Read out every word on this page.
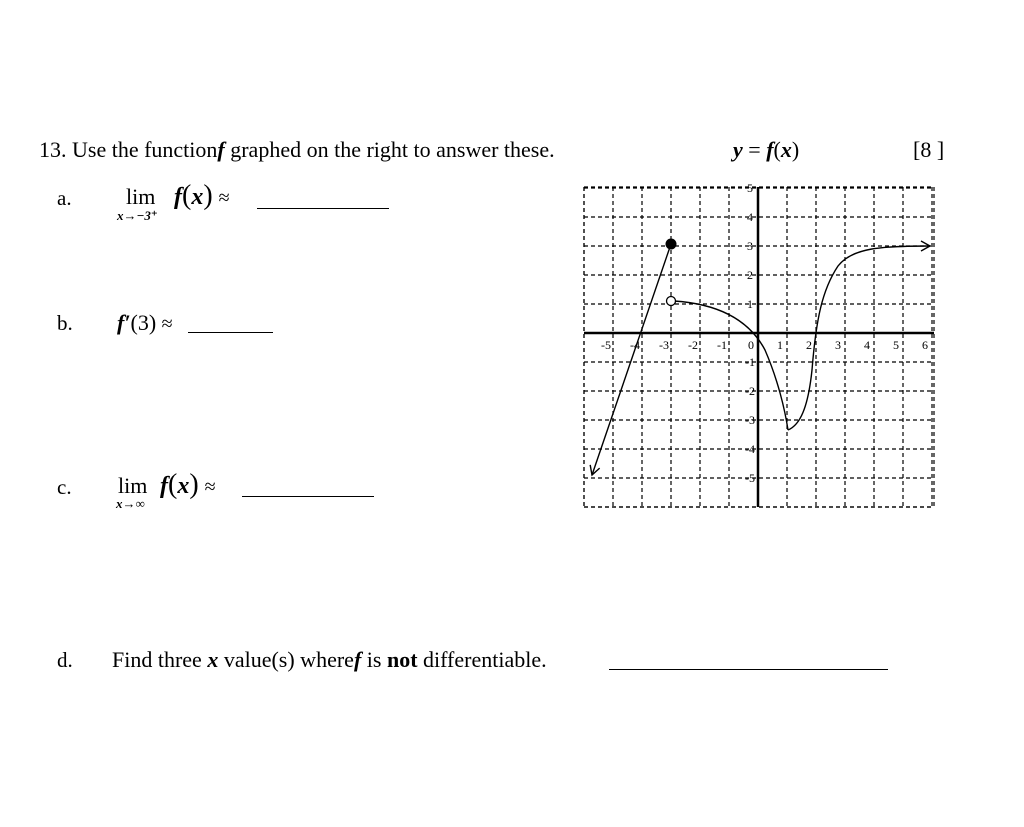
13. Use the functionf graphed on the right to answer these.	y = f(x)	[8 ]
a. lim
x→−3⁺
f(x) ≈
b. f′(3) ≈
c. lim
x→∞
f(x) ≈
d. Find three x value(s) wheref is not differentiable.
-5 -4 -3 -2 -1 0 1 2 3 4 5 6
5
4
3
2
1
-1
-2
-3
-4
-5
